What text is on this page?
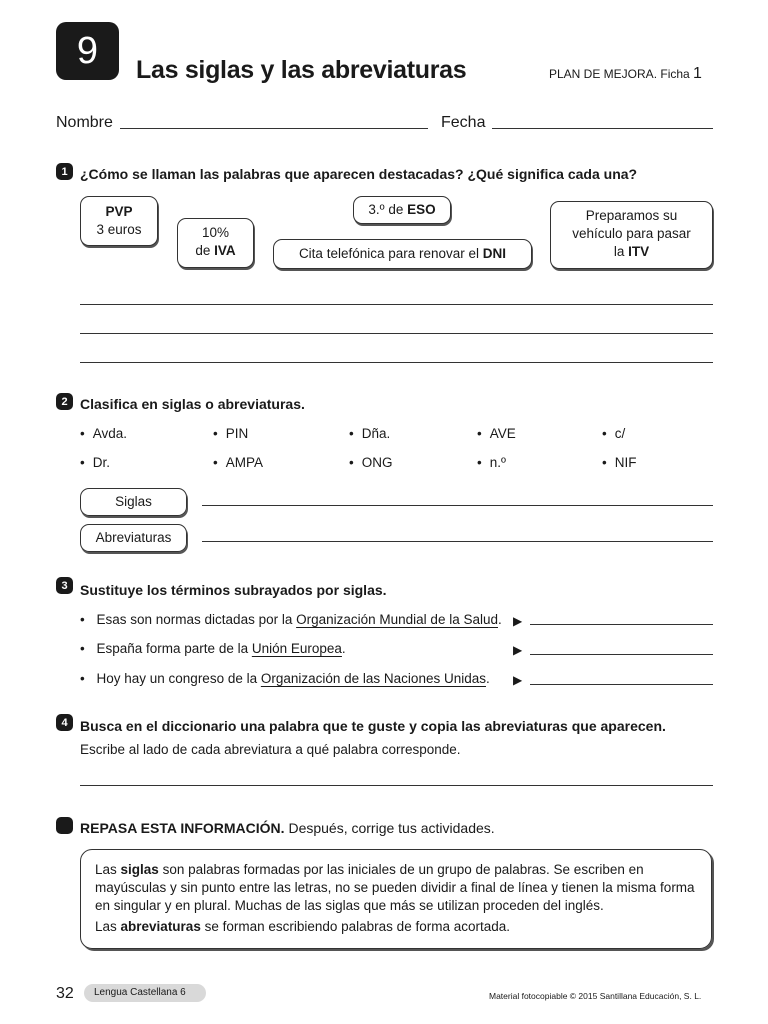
9	Las siglas y las abreviaturas	PLAN DE MEJORA. Ficha 1
Nombre	Fecha
1 ¿Cómo se llaman las palabras que aparecen destacadas? ¿Qué significa cada una?
PVP
3 euros	10%
de IVA
3.º de ESO
Cita telefónica para renovar el DNI
Preparamos su
vehículo para pasar
la ITV
2 Clasifica en siglas o abreviaturas.
• Avda.	• PIN	• Dña.	• AVE	• c/
• Dr.	• AMPA	• ONG	• n.º	• NIF
Siglas
Abreviaturas
3 Sustituye los términos subrayados por siglas.
• Esas son normas dictadas por la Organización Mundial de la Salud. ▶
• España forma parte de la Unión Europea.	▶
• Hoy hay un congreso de la Organización de las Naciones Unidas. ▶
4 Busca en el diccionario una palabra que te guste y copia las abreviaturas que aparecen.
Escribe al lado de cada abreviatura a qué palabra corresponde.
REPASA ESTA INFORMACIÓN. Después, corrige tus actividades.

Las siglas son palabras formadas por las iniciales de un grupo de palabras. Se escriben en mayúsculas y sin punto entre las letras, no se pueden dividir a final de línea y tienen la misma forma en singular y en plural. Muchas de las siglas que más se utilizan proceden del inglés.

Las abreviaturas se forman escribiendo palabras de forma acortada.

32	Lengua Castellana 6	Material fotocopiable © 2015 Santillana Educación, S. L.
